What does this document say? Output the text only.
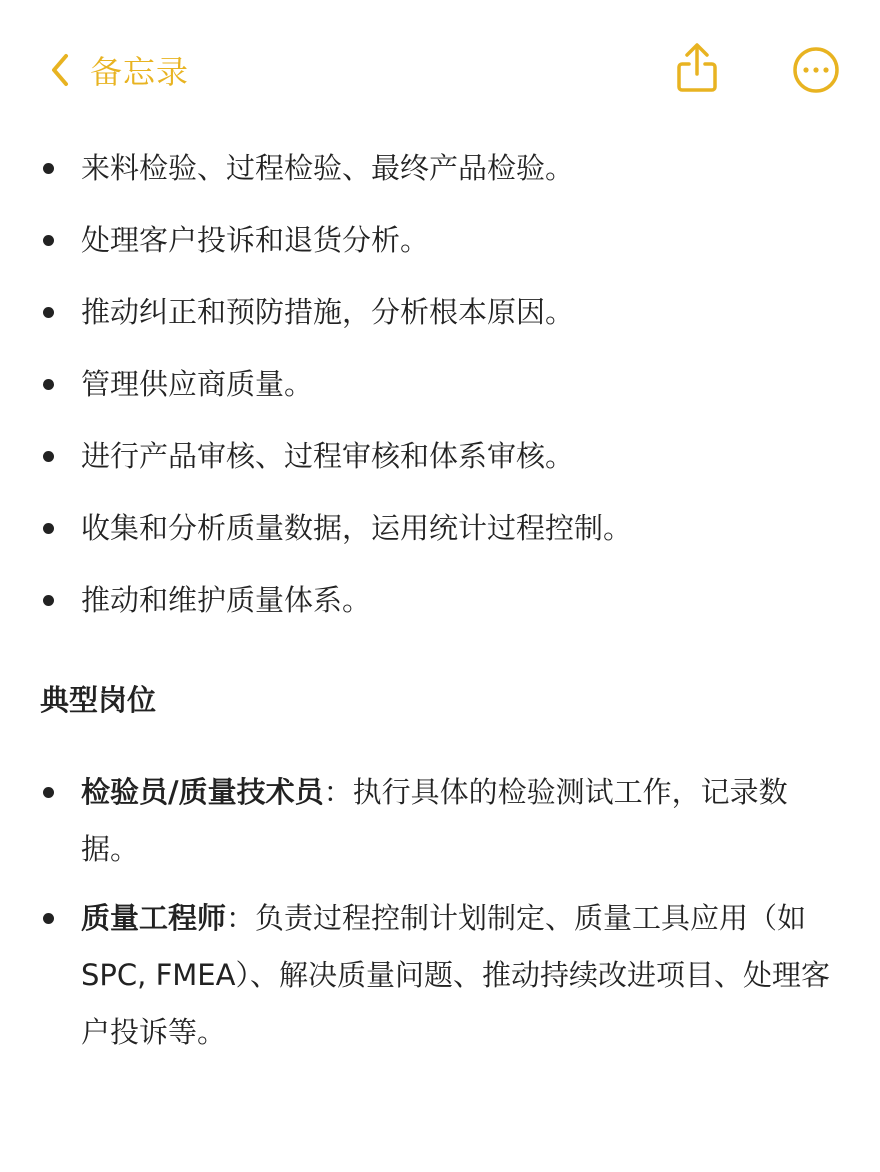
备忘录
来料检验、过程检验、最终产品检验。
处理客户投诉和退货分析。
推动纠正和预防措施，分析根本原因。
管理供应商质量。
进行产品审核、过程审核和体系审核。
收集和分析质量数据，运用统计过程控制。
推动和维护质量体系。
典型岗位
检验员/质量技术员：执行具体的检验测试工作，记录数据。
质量工程师：负责过程控制计划制定、质量工具应用（如SPC, FMEA）、解决质量问题、推动持续改进项目、处理客户投诉等。
